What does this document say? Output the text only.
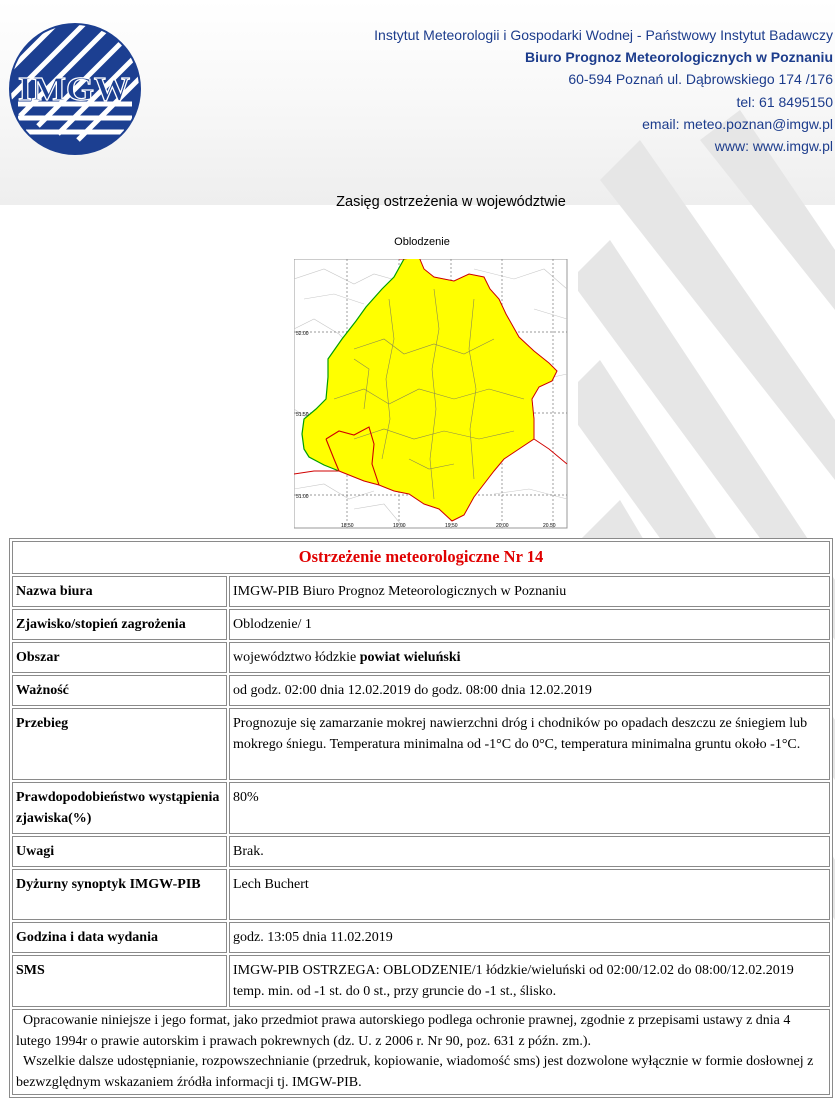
IMGW
Instytut Meteorologii i Gospodarki Wodnej - Państwowy Instytut Badawczy
Biuro Prognoz Meteorologicznych w Poznaniu
60-594 Poznań ul. Dąbrowskiego 174 /176
tel: 61 8495150
email: meteo.poznan@imgw.pl
www: www.imgw.pl
Zasięg ostrzeżenia w województwie
Oblodzenie
52.00
51.50
51.00
18.50	19.00	19.50	20.00	20.50
Ostrzeżenie meteorologiczne Nr 14	
Nazwa biura	IMGW-PIB Biuro Prognoz Meteorologicznych w Poznaniu
Zjawisko/stopień zagrożenia	Oblodzenie/ 1
Obszar	województwo łódzkie powiat wieluński
Ważność	od godz. 02:00 dnia 12.02.2019 do godz. 08:00 dnia 12.02.2019
Przebieg	Prognozuje się zamarzanie mokrej nawierzchni dróg i chodników po opadach deszczu ze śniegiem lub mokrego śniegu. Temperatura minimalna od -1°C do 0°C, temperatura minimalna gruntu około -1°C.
Prawdopodobieństwo wystąpienia zjawiska(%)	80%
Uwagi	Brak.
Dyżurny synoptyk IMGW-PIB	Lech Buchert
Godzina i data wydania	godz. 13:05 dnia 11.02.2019
SMS	IMGW-PIB OSTRZEGA: OBLODZENIE/1 łódzkie/wieluński od 02:00/12.02 do 08:00/12.02.2019 temp. min. od -1 st. do 0 st., przy gruncie do -1 st., ślisko.

Opracowanie niniejsze i jego format, jako przedmiot prawa autorskiego podlega ochronie prawnej, zgodnie z przepisami ustawy z dnia 4 lutego 1994r o prawie autorskim i prawach pokrewnych (dz. U. z 2006 r. Nr 90, poz. 631 z późn. zm.).
Wszelkie dalsze udostępnianie, rozpowszechnianie (przedruk, kopiowanie, wiadomość sms) jest dozwolone wyłącznie w formie dosłownej z bezwzględnym wskazaniem źródła informacji tj. IMGW-PIB.	
